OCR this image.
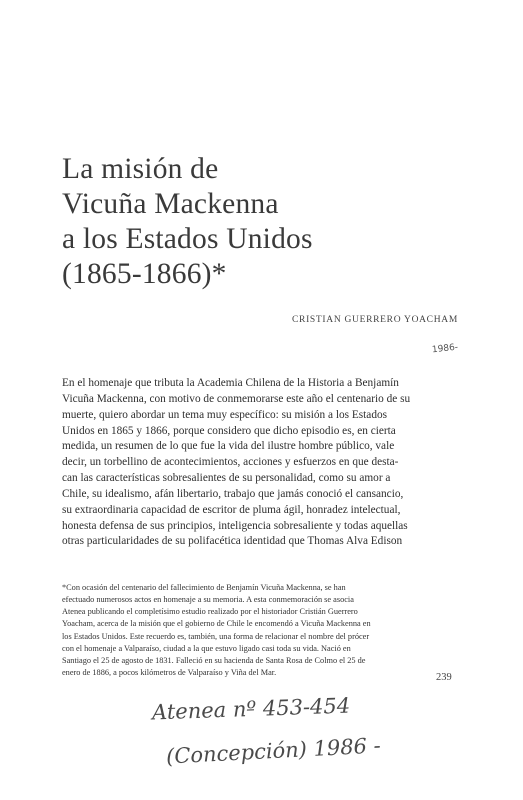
La misión de
Vicuña Mackenna
a los Estados Unidos
(1865-1866)*

CRISTIAN GUERRERO YOACHAM

1986-

En el homenaje que tributa la Academia Chilena de la Historia a Benjamín
Vicuña Mackenna, con motivo de conmemorarse este año el centenario de su
muerte, quiero abordar un tema muy específico: su misión a los Estados
Unidos en 1865 y 1866, porque considero que dicho episodio es, en cierta
medida, un resumen de lo que fue la vida del ilustre hombre público, vale
decir, un torbellino de acontecimientos, acciones y esfuerzos en que desta-
can las características sobresalientes de su personalidad, como su amor a
Chile, su idealismo, afán libertario, trabajo que jamás conoció el cansancio,
su extraordinaria capacidad de escritor de pluma ágil, honradez intelectual,
honesta defensa de sus principios, inteligencia sobresaliente y todas aquellas
otras particularidades de su polifacética identidad que Thomas Alva Edison
*Con ocasión del centenario del fallecimiento de Benjamín Vicuña Mackenna, se han
efectuado numerosos actos en homenaje a su memoria. A esta conmemoración se asocia
Atenea publicando el completísimo estudio realizado por el historiador Cristián Guerrero
Yoacham, acerca de la misión que el gobierno de Chile le encomendó a Vicuña Mackenna en
los Estados Unidos. Este recuerdo es, también, una forma de relacionar el nombre del prócer
con el homenaje a Valparaíso, ciudad a la que estuvo ligado casi toda su vida. Nació en
Santiago el 25 de agosto de 1831. Falleció en su hacienda de Santa Rosa de Colmo el 25 de
enero de 1886, a pocos kilómetros de Valparaíso y Viña del Mar.	239

Atenea nº 453-454

(Concepción) 1986 -
